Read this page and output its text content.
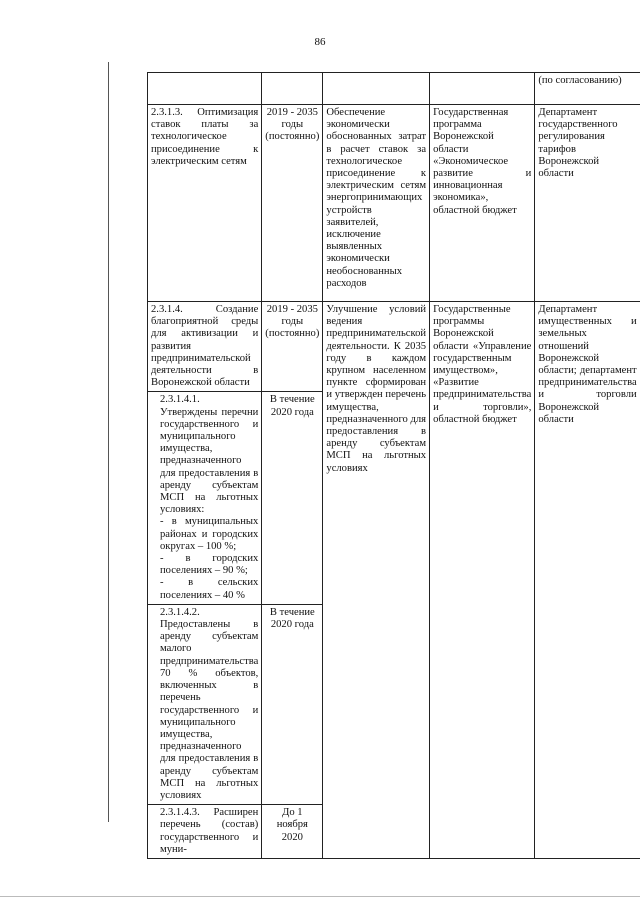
86
				(по согласованию)
2.3.1.3. Оптимизация ставок платы за технологическое присоединение к электрическим сетям	2019 - 2035 годы (постоянно)	Обеспечение экономически обоснованных затрат в расчет ставок за технологическое присоединение к электрическим сетям энергопринимающих устройств заявителей, исключение выявленных экономически необоснованных расходов	Государственная программа Воронежской области «Экономическое развитие и инновационная экономика», областной бюджет	Департамент государственного регулирования тарифов Воронежской области
2.3.1.4. Создание благоприятной среды для активизации и развития предпринимательской деятельности в Воронежской области	2019 - 2035 годы (постоянно)	Улучшение условий ведения предпринимательской деятельности. К 2035 году в каждом крупном населенном пункте сформирован и утвержден перечень имущества, предназначенного для предоставления в аренду субъектам МСП на льготных условиях	Государственные программы Воронежской области «Управление государственным имуществом», «Развитие предпринимательства и торговли», областной бюджет	Департамент имущественных и земельных отношений Воронежской области; департамент предпринимательства и торговли Воронежской области
2.3.1.4.1. Утверждены перечни государственного и муниципального имущества, предназначенного для предоставления в аренду субъектам МСП на льготных условиях:
- в муниципальных районах и городских округах – 100 %;
- в городских поселениях – 90 %;
- в сельских поселениях – 40 %	В течение 2020 года			
2.3.1.4.2. Предоставлены в аренду субъектам малого предпринимательства 70 % объектов, включенных в перечень государственного и муниципального имущества, предназначенного для предоставления в аренду субъектам МСП на льготных условиях	В течение 2020 года			
2.3.1.4.3. Расширен перечень (состав) государственного и муни-	До 1 ноября 2020			
